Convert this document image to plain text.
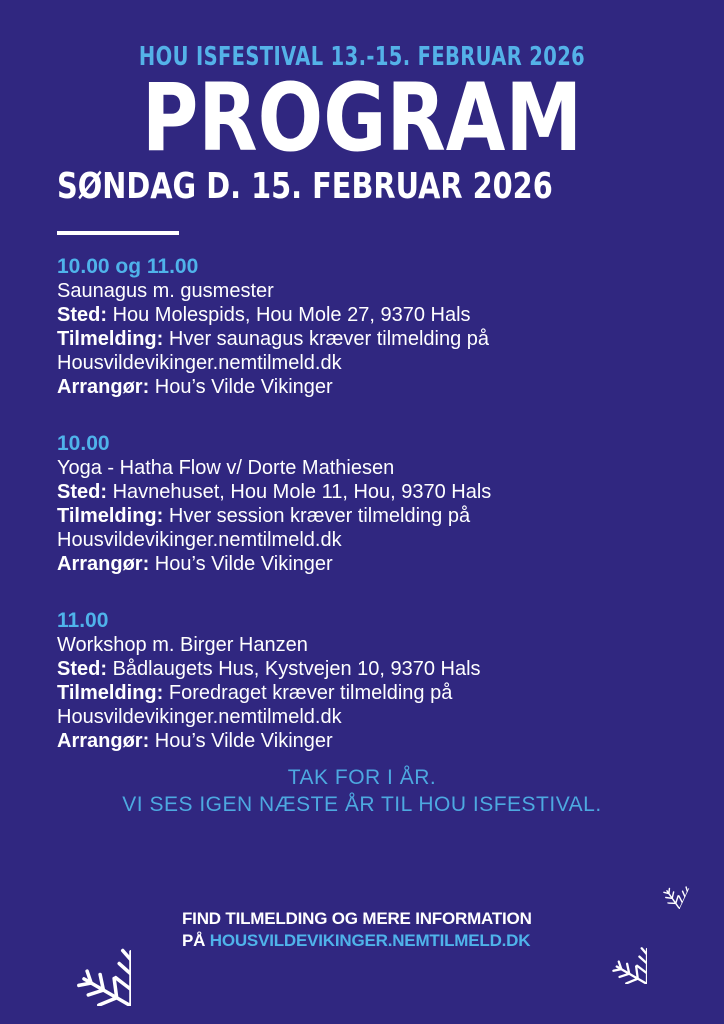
HOU ISFESTIVAL 13.-15. FEBRUAR 2026
PROGRAM
SØNDAG D. 15. FEBRUAR 2026

10.00 og 11.00

Saunagus m. gusmester

Sted: Hou Molespids, Hou Mole 27, 9370 Hals

Tilmelding: Hver saunagus kræver tilmelding på

Housvildevikinger.nemtilmeld.dk

Arrangør: Hou’s Vilde Vikinger

10.00

Yoga - Hatha Flow v/ Dorte Mathiesen

Sted: Havnehuset, Hou Mole 11, Hou, 9370 Hals

Tilmelding: Hver session kræver tilmelding på

Housvildevikinger.nemtilmeld.dk

Arrangør: Hou’s Vilde Vikinger

11.00

Workshop m. Birger Hanzen

Sted: Bådlaugets Hus, Kystvejen 10, 9370 Hals

Tilmelding: Foredraget kræver tilmelding på

Housvildevikinger.nemtilmeld.dk

Arrangør: Hou’s Vilde Vikinger

TAK FOR I ÅR.
VI SES IGEN NÆSTE ÅR TIL HOU ISFESTIVAL.
FIND TILMELDING OG MERE INFORMATION
PÅ HOUSVILDEVIKINGER.NEMTILMELD.DK
